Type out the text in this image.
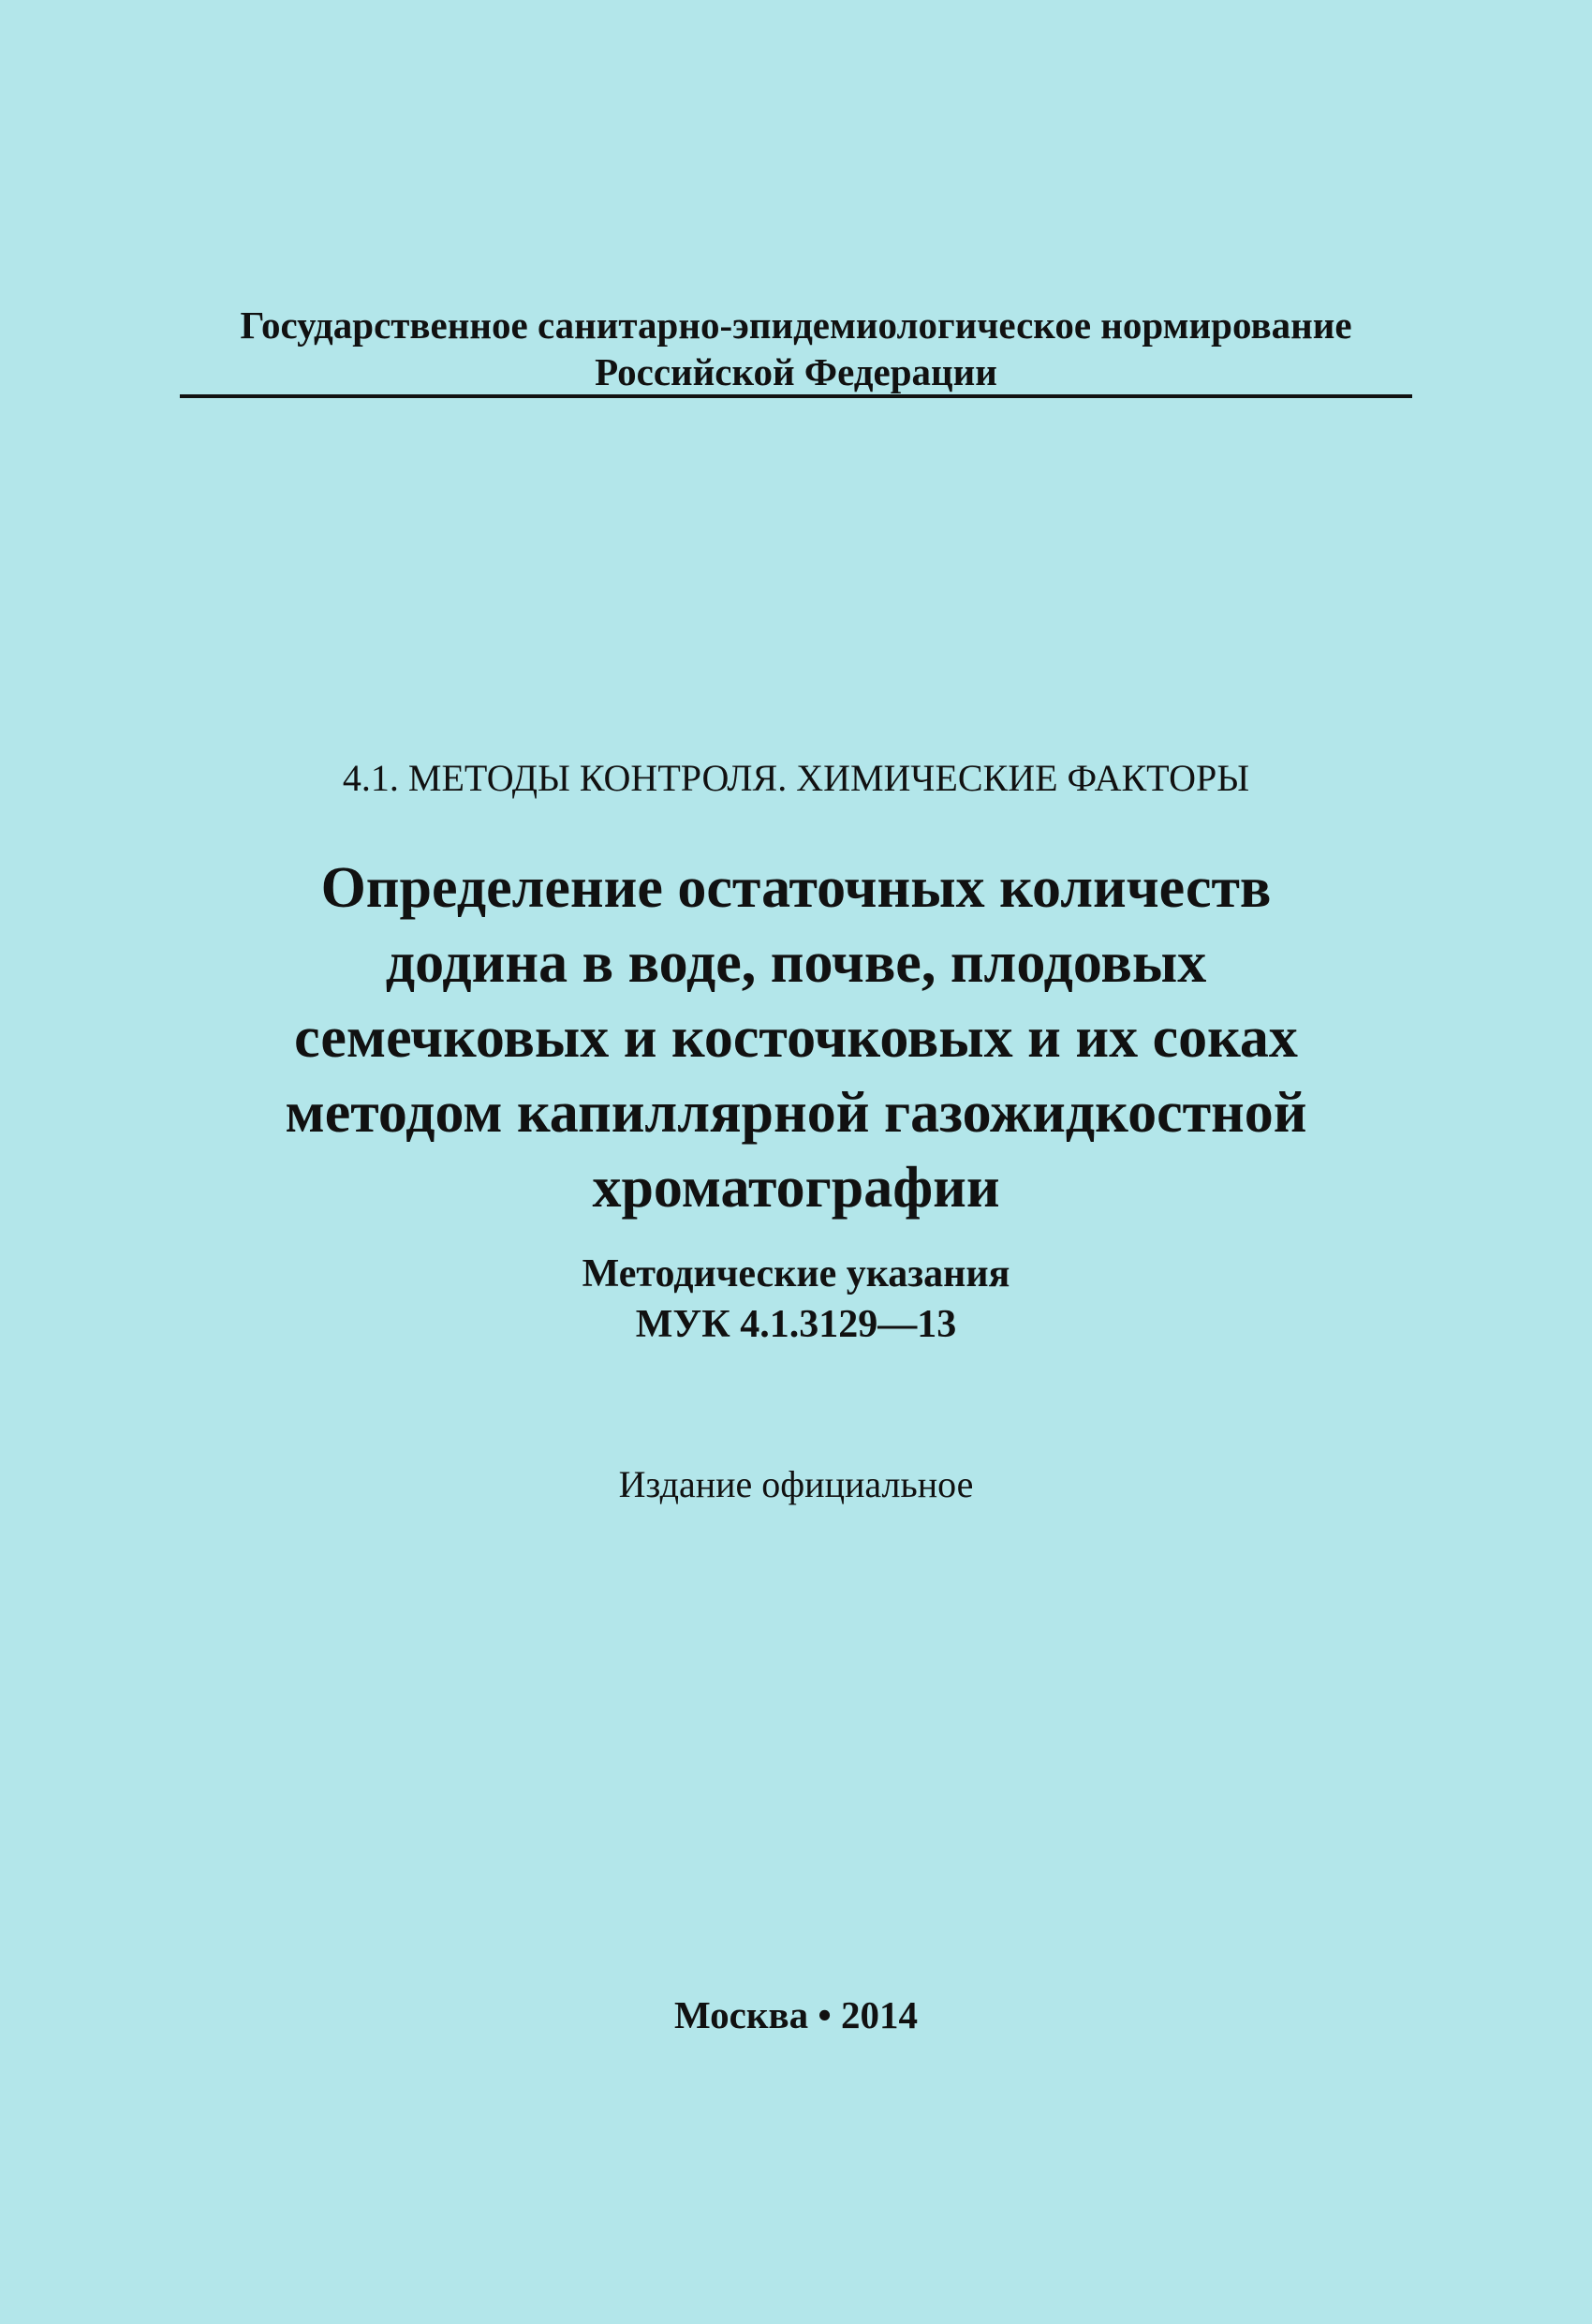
Государственное санитарно-эпидемиологическое нормирование
Российской Федерации
4.1. МЕТОДЫ КОНТРОЛЯ. ХИМИЧЕСКИЕ ФАКТОРЫ
Определение остаточных количеств
додина в воде, почве, плодовых
семечковых и косточковых и их соках
методом капиллярной газожидкостной
хроматографии
Методические указания
МУК 4.1.3129—13
Издание официальное
Москва • 2014
